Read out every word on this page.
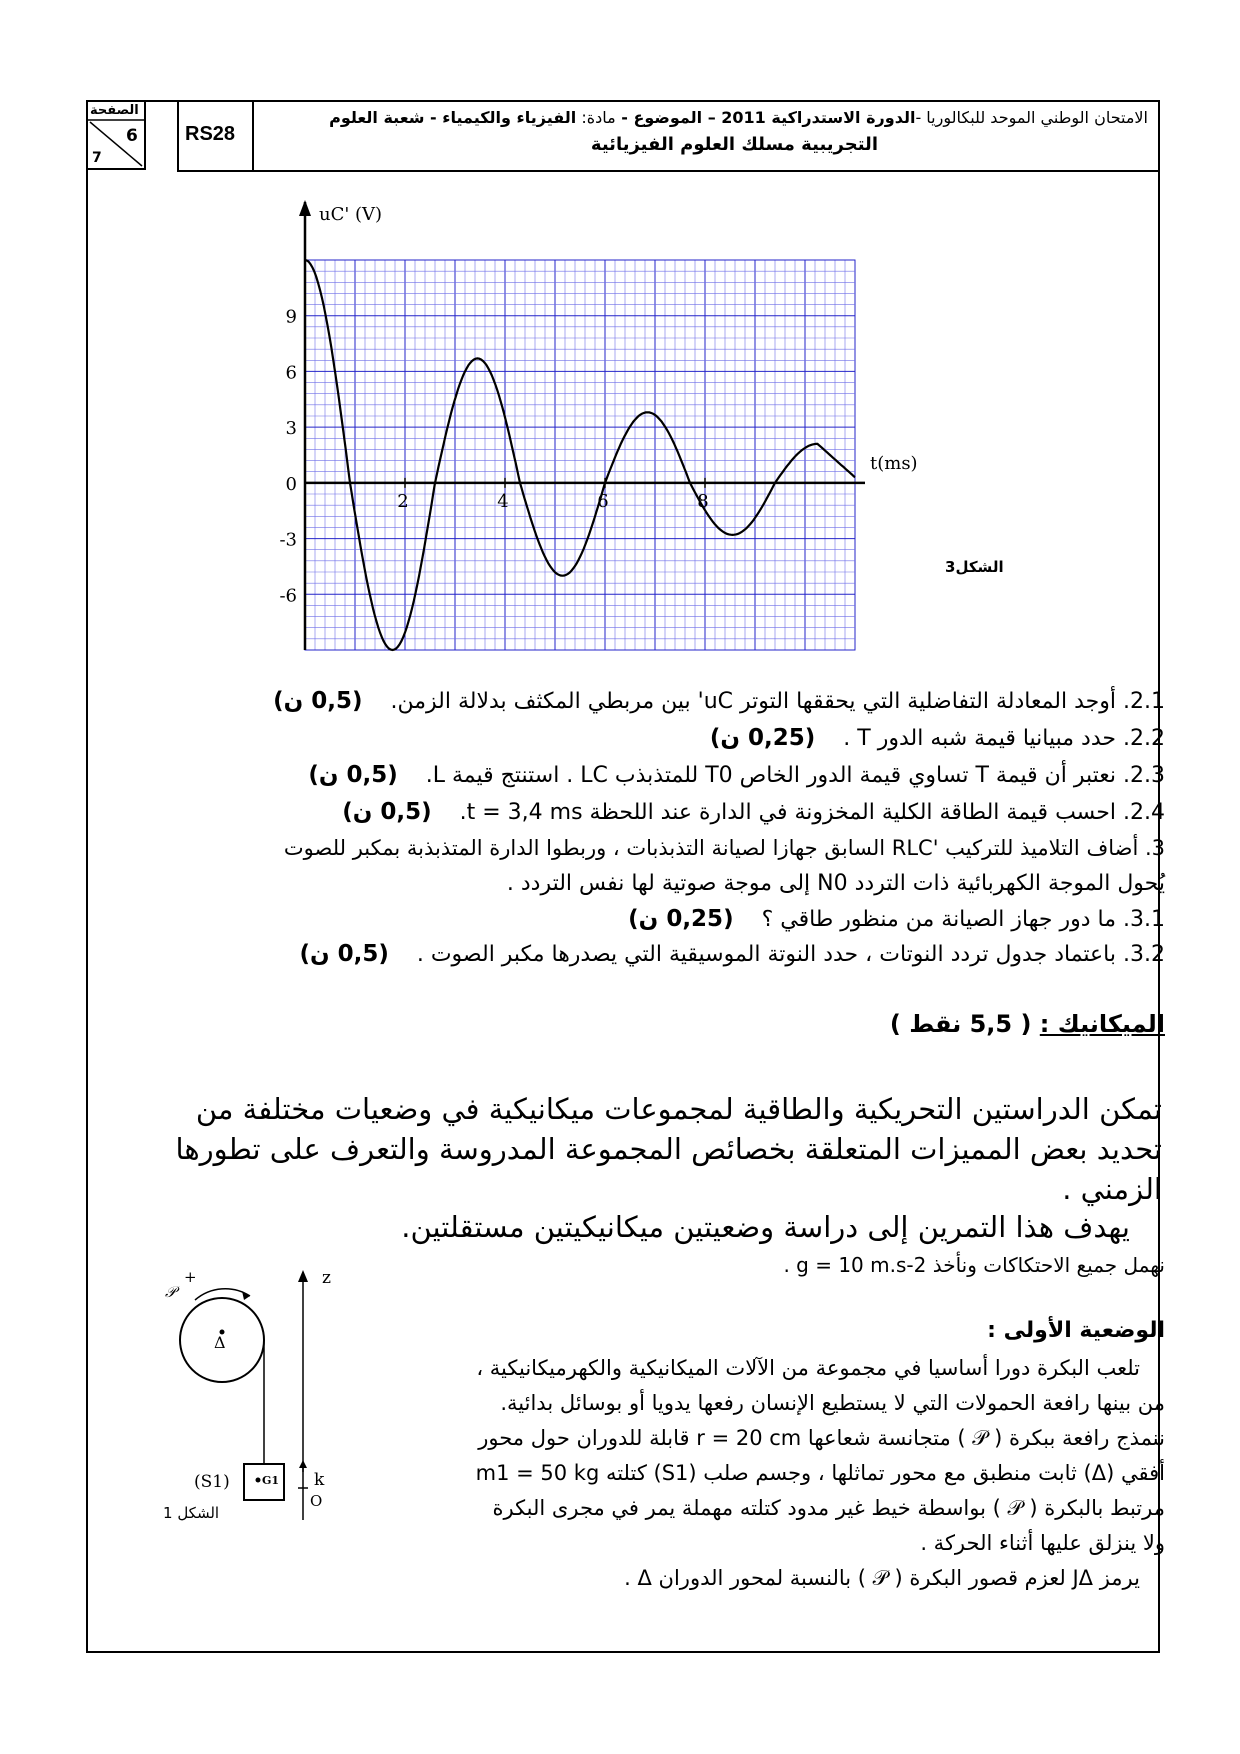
الصفحة
6
7
RS28
الامتحان الوطني الموحد للبكالوريا -الدورة الاستدراكية 2011 – الموضوع - مادة: الفيزياء والكيمياء - شعبة العلوم
التجريبية مسلك العلوم الفيزيائية
2	4	6	8
9
6
3
0
-3
-6
uC' (V)
t(ms)
الشكل3
2.1. أوجد المعادلة التفاضلية التي يحققها التوتر uC' بين مربطي المكثف بدلالة الزمن.    (0,5 ن)
2.2. حدد مبيانيا قيمة شبه الدور T .    (0,25 ن)
2.3. نعتبر أن قيمة T تساوي قيمة الدور الخاص T0 للمتذبذب LC . استنتج قيمة L.    (0,5 ن)
2.4. احسب قيمة الطاقة الكلية المخزونة في الدارة عند اللحظة t = 3,4 ms.    (0,5 ن)
3. أضاف التلاميذ للتركيب 'RLC السابق جهازا لصيانة التذبذبات ، وربطوا الدارة المتذبذبة بمكبر للصوت
يُحول الموجة الكهربائية ذات التردد N0 إلى موجة صوتية لها نفس التردد .
3.1. ما دور جهاز الصيانة من منظور طاقي ؟    (0,25 ن)
3.2. باعتماد جدول تردد النوتات ، حدد النوتة الموسيقية التي يصدرها مكبر الصوت .    (0,5 ن)
الميكانيك : ( 5,5 نقط )
تمكن الدراستين التحريكية والطاقية لمجموعات ميكانيكية في وضعيات مختلفة من
تحديد بعض المميزات المتعلقة بخصائص المجموعة المدروسة والتعرف على تطورها
الزمني .
يهدف هذا التمرين إلى دراسة وضعيتين ميكانيكيتين مستقلتين.
نهمل جميع الاحتكاكات ونأخذ g = 10 m.s-2 .
الوضعية الأولى :
تلعب البكرة دورا أساسيا في مجموعة من الآلات الميكانيكية والكهرميكانيكية ،
من بينها رافعة الحمولات التي لا يستطيع الإنسان رفعها يدويا أو بوسائل بدائية.
ننمذج رافعة ببكرة ( 𝒫 ) متجانسة شعاعها r = 20 cm قابلة للدوران حول محور
أفقي (Δ) ثابت منطبق مع محور تماثلها ، وجسم صلب (S1) كتلته m1 = 50 kg
مرتبط بالبكرة ( 𝒫 ) بواسطة خيط غير مدود كتلته مهملة يمر في مجرى البكرة
ولا ينزلق عليها أثناء الحركة .
يرمز JΔ لعزم قصور البكرة ( 𝒫 ) بالنسبة لمحور الدوران Δ .
𝒫
+
Δ
z
(S1)	G1 k
O
الشكل 1
